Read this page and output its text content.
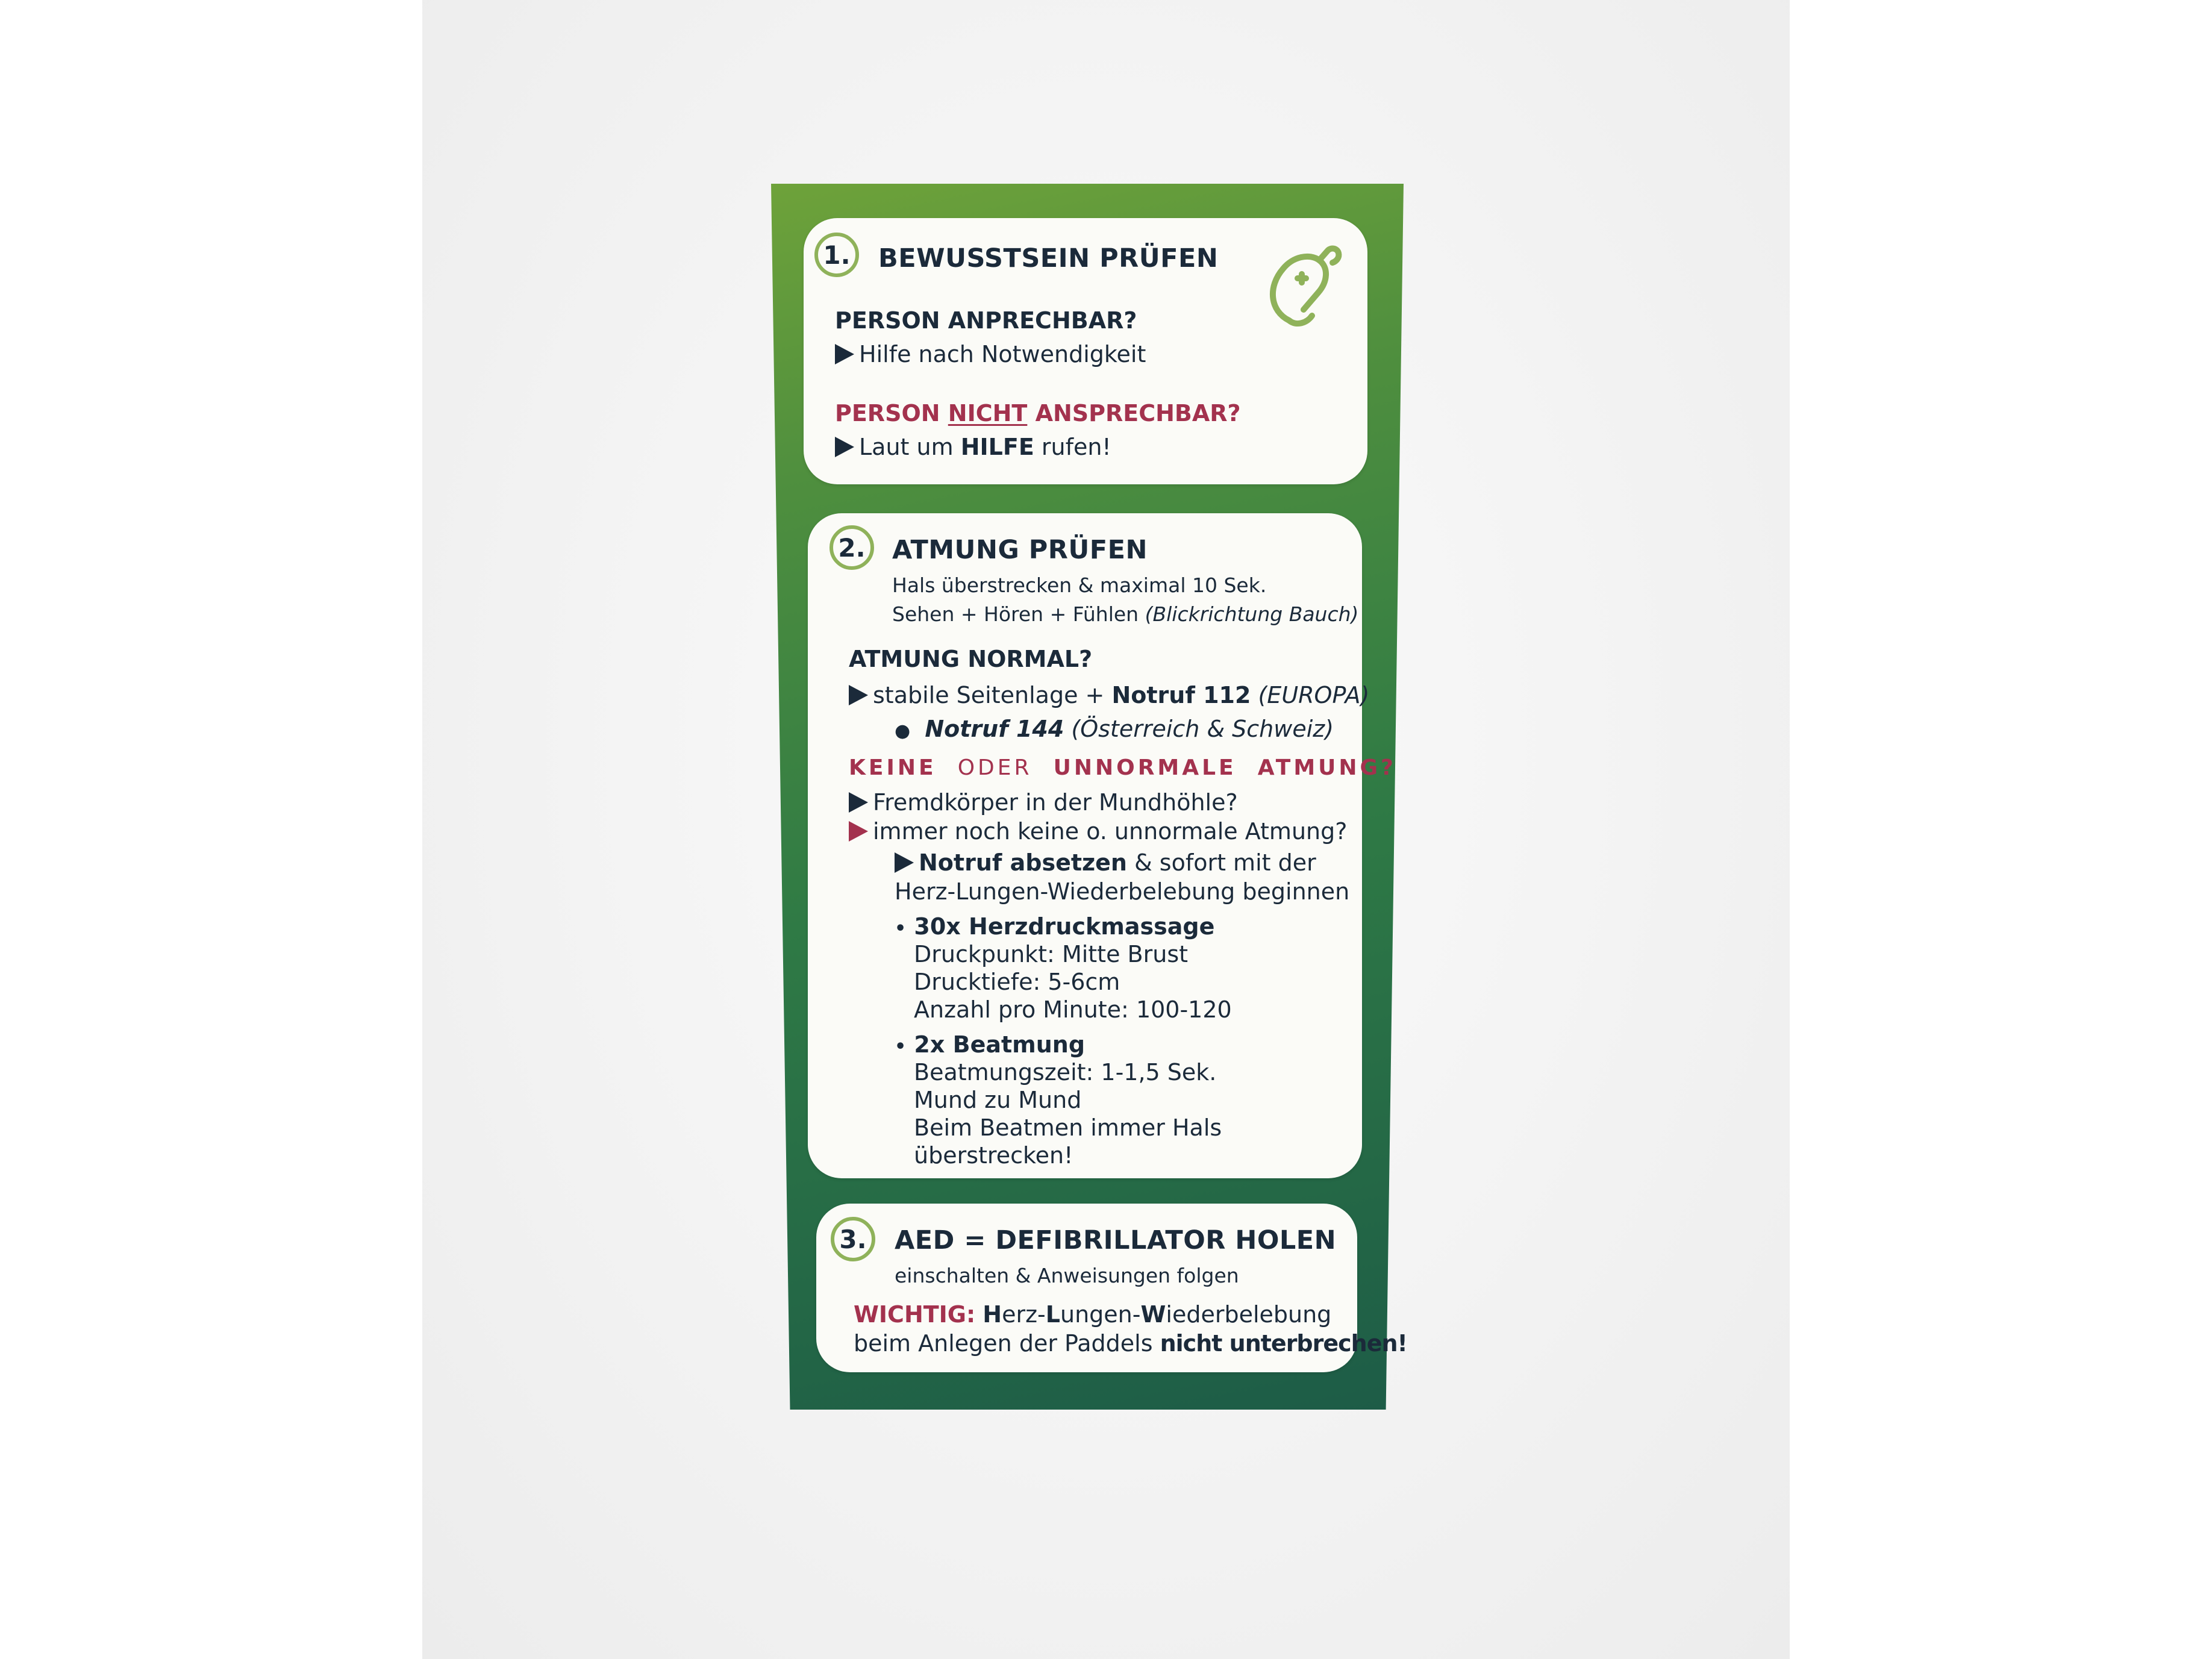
1.	BEWUSSTSEIN PRÜFEN
PERSON ANPRECHBAR?
Hilfe nach Notwendigkeit
PERSON NICHT ANSPRECHBAR?
Laut um HILFE rufen!
2.	ATMUNG PRÜFEN
Hals überstrecken & maximal 10 Sek.
Sehen + Hören + Fühlen (Blickrichtung Bauch)
ATMUNG NORMAL?
stabile Seitenlage + Notruf 112 (EUROPA)
● Notruf 144 (Österreich & Schweiz)
KEINE ODER UNNORMALE ATMUNG?
Fremdkörper in der Mundhöhle?
immer noch keine o. unnormale Atmung?
Notruf absetzen & sofort mit der
Herz-Lungen-Wiederbelebung beginnen
• 30x Herzdruckmassage
Druckpunkt: Mitte Brust
Drucktiefe: 5-6cm
Anzahl pro Minute: 100-120
• 2x Beatmung
Beatmungszeit: 1-1,5 Sek.
Mund zu Mund
Beim Beatmen immer Hals
überstrecken!
3.	AED = DEFIBRILLATOR HOLEN
einschalten & Anweisungen folgen
WICHTIG: Herz-Lungen-Wiederbelebung
beim Anlegen der Paddels nicht unterbrechen!
